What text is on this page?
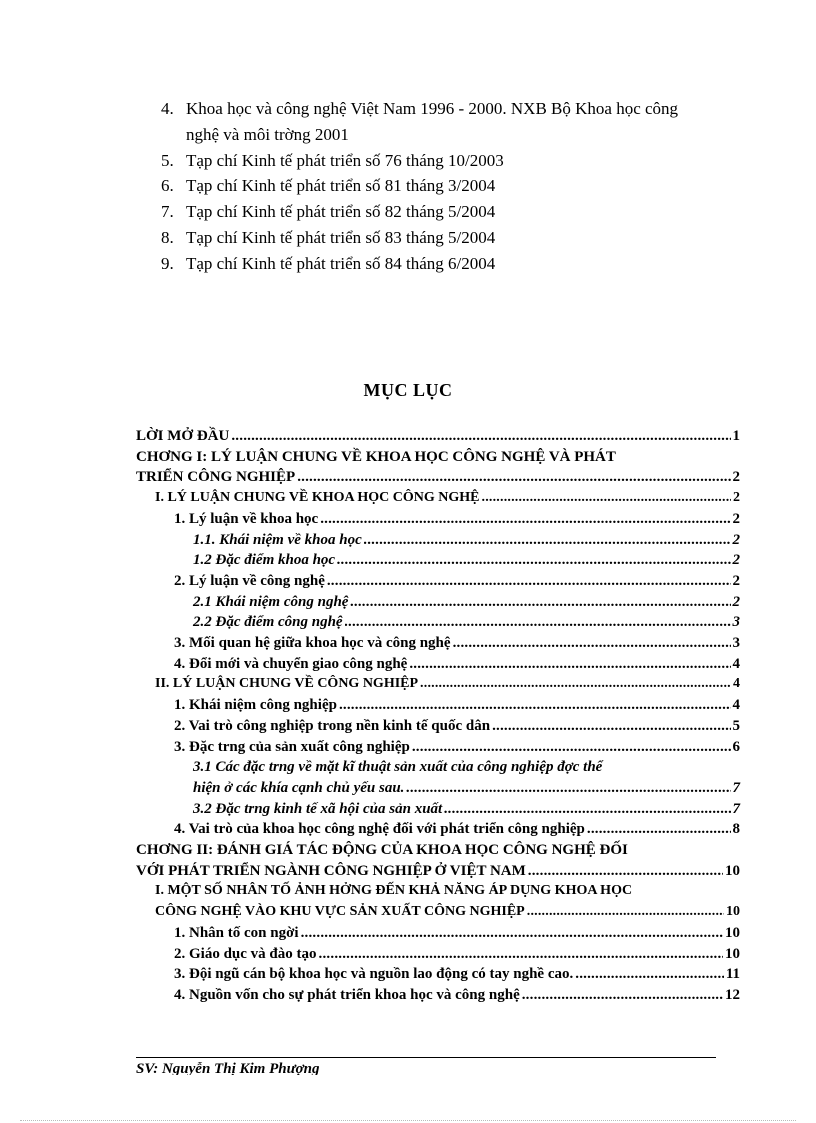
4. Khoa học và công nghệ Việt Nam 1996 - 2000. NXB Bộ Khoa học công
nghệ và môi trờng 2001
5. Tạp chí Kinh tế phát triển số 76 tháng 10/2003
6. Tạp chí Kinh tế phát triển số 81 tháng 3/2004
7. Tạp chí Kinh tế phát triển số 82 tháng 5/2004
8. Tạp chí Kinh tế phát triển số 83 tháng 5/2004
9. Tạp chí Kinh tế phát triển số 84 tháng 6/2004
MỤC LỤC
LỜI MỞ ĐẦU .....	1
CHƠNG I: LÝ LUẬN CHUNG VỀ KHOA HỌC CÔNG NGHỆ VÀ PHÁT
TRIỂN CÔNG NGHIỆP .....	2
I. LÝ LUẬN CHUNG VỀ KHOA HỌC CÔNG NGHỆ .....	2
1. Lý luận về khoa học .....	2
1.1. Khái niệm về khoa học .....	2
1.2 Đặc điểm khoa học .....	2
2. Lý luận về công nghệ .....	2
2.1 Khái niệm công nghệ .....	2
2.2 Đặc điểm công nghệ .....	3
3. Mối quan hệ giữa khoa học và công nghệ .....	3
4. Đổi mới và chuyển giao công nghệ .....	4
II. LÝ LUẬN CHUNG VỀ CÔNG NGHIỆP .....	4
1. Khái niệm công nghiệp .....	4
2. Vai trò công nghiệp trong nền kinh tế quốc dân .....	5
3. Đặc trng của sản xuất công nghiệp .....	6
3.1 Các đặc trng về mặt kĩ thuật sản xuất của công nghiệp đợc thể
hiện ở các khía cạnh chủ yếu sau. .....	7
3.2 Đặc trng kinh tế xã hội của sản xuất .....	7
4. Vai trò của khoa học công nghệ đối với phát triển công nghiệp .....	8
CHƠNG II: ĐÁNH GIÁ TÁC ĐỘNG CỦA KHOA HỌC CÔNG NGHỆ ĐỐI
VỚI PHÁT TRIỂN NGÀNH CÔNG NGHIỆP Ở VIỆT NAM .....	10
I. MỘT SỐ NHÂN TỐ ẢNH HỞNG ĐẾN KHẢ NĂNG ÁP DỤNG KHOA HỌC
CÔNG NGHỆ VÀO KHU VỰC SẢN XUẤT CÔNG NGHIỆP .....	10
1. Nhân tố con ngời .....	10
2. Giáo dục và đào tạo .....	10
3. Đội ngũ cán bộ khoa học và nguồn lao động có tay nghề cao. .....	11
4. Nguồn vốn cho sự phát triển khoa học và công nghệ .....	12
SV: Nguyễn Thị Kim Phượng
